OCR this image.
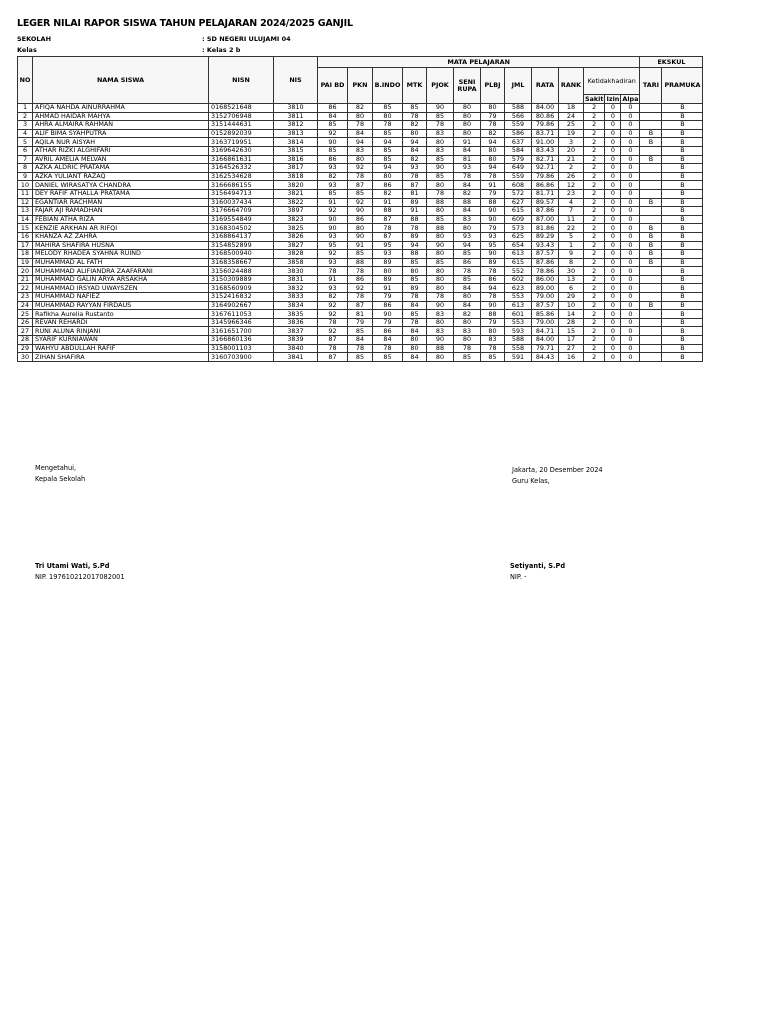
LEGER NILAI RAPOR SISWA TAHUN PELAJARAN 2024/2025 GANJIL
SEKOLAH	: SD NEGERI ULUJAMI 04
Kelas	: Kelas 2 b
NO	NAMA SISWA	NISN	NIS	MATA PELAJARAN													EKSKUL	
				PAI BD	PKN	B.INDO	MTK	PJOK	SENI RUPA	PLBJ	JML	RATA	RANK	Ketidakhadiran			TARI	PRAMUKA
														Sakit	Izin	Alpa		
1	AFIQA NAHDA AINURRAHMA	0168521648	3810	86	82	85	85	90	80	80	588	84.00	18	2	0	0		B
2	AHMAD HAIDAR MAHYA	3152706948	3811	84	80	80	78	85	80	79	566	80.86	24	2	0	0		B
3	AHRA ALMAIRA RAHMAN	3151444631	3812	85	78	78	82	78	80	78	559	79.86	25	2	0	0		B
4	ALIF BIMA SYAHPUTRA	0152892039	3813	92	84	85	80	83	80	82	586	83.71	19	2	0	0	B	B
5	AQILA NUR AISYAH	3163719951	3814	90	94	94	94	80	91	94	637	91.00	3	2	0	0	B	B
6	ATHAR RIZKI ALGHIFARI	3169642630	3815	85	83	85	84	83	84	80	584	83.43	20	2	0	0		B
7	AVRIL AMELIA MELVAN	3166861631	3816	86	80	85	82	85	81	80	579	82.71	21	2	0	0	B	B
8	AZKA ALDRIC PRATAMA	3164526332	3817	93	92	94	93	90	93	94	649	92.71	2	2	0	0		B
9	AZKA YULIANT RAZAQ	3162534628	3818	82	78	80	78	85	78	78	559	79.86	26	2	0	0		B
10	DANIEL WIRASATYA CHANDRA	3166686155	3820	93	87	86	87	80	84	91	608	86.86	12	2	0	0		B
11	DEY RAFIF ATHALLA PRATAMA	3156494713	3821	85	85	82	81	78	82	79	572	81.71	23	2	0	0		B
12	EGANTIAR RACHMAN	3160037434	3822	91	92	91	89	88	88	88	627	89.57	4	2	0	0	B	B
13	FAJAR AJI RAMADHAN	3176664709	3897	92	90	88	91	80	84	90	615	87.86	7	2	0	0		B
14	FEBIAN ATHA RIZA	3169554849	3823	90	86	87	88	85	83	90	609	87.00	11	2	0	0		B
15	KENZIE ARKHAN AR RIFQI	3168304502	3825	90	80	78	78	88	80	79	573	81.86	22	2	0	0	B	B
16	KHANZA AZ ZAHRA	3168864137	3826	93	90	87	89	80	93	93	625	89.29	5	2	0	0	B	B
17	MAHIRA SHAFIRA HUSNA	3154852899	3827	95	91	95	94	90	94	95	654	93.43	1	2	0	0	B	B
18	MELODY RHADEA SYAHNA RUIND	3168500940	3828	92	85	93	88	80	85	90	613	87.57	9	2	0	0	B	B
19	MUHAMMAD AL FATH	3168358667	3858	93	88	89	85	85	86	89	615	87.86	8	2	0	0	B	B
20	MUHAMMAD ALIFIANDRA ZAAFARANI	3156024488	3830	78	78	80	80	80	78	78	552	78.86	30	2	0	0		B
21	MUHAMMAD GALIN ARYA ARSAKHA	3150309889	3831	91	86	89	85	80	85	86	602	86.00	13	2	0	0		B
22	MUHAMMAD IRSYAD UWAYSZEN	3168560909	3832	93	92	91	89	80	84	94	623	89.00	6	2	0	0		B
23	MUHAMMAD NAFIEZ	3152416832	3833	82	78	79	78	78	80	78	553	79.00	29	2	0	0		B
24	MUHAMMAD RAYYAN FIRDAUS	3164902667	3834	92	87	86	84	90	84	90	613	87.57	10	2	0	0	B	B
25	Rafikha Aurelia Rustanto	3167611053	3835	92	81	90	85	83	82	88	601	85.86	14	2	0	0		B
26	REVAN REHARDI	3145966346	3836	78	79	79	78	80	80	79	553	79.00	28	2	0	0		B
27	RUNI ALUNA RINJANI	3161651700	3837	92	85	86	84	83	83	80	593	84.71	15	2	0	0		B
28	SYARIF KURNIAWAN	3166860136	3839	87	84	84	80	90	80	83	588	84.00	17	2	0	0		B
29	WAHYU ABDULLAH RAFIF	3158001103	3840	78	78	78	80	88	78	78	558	79.71	27	2	0	0		B
30	ZIHAN SHAFIRA	3160703900	3841	87	85	85	84	80	85	85	591	84.43	16	2	0	0		B
Mengetahui,
Kepala Sekolah
Tri Utami Wati, S.Pd
NIP. 197610212017082001
Jakarta, 20 Desember 2024
Guru Kelas,
Setiyanti, S.Pd
NIP. -
